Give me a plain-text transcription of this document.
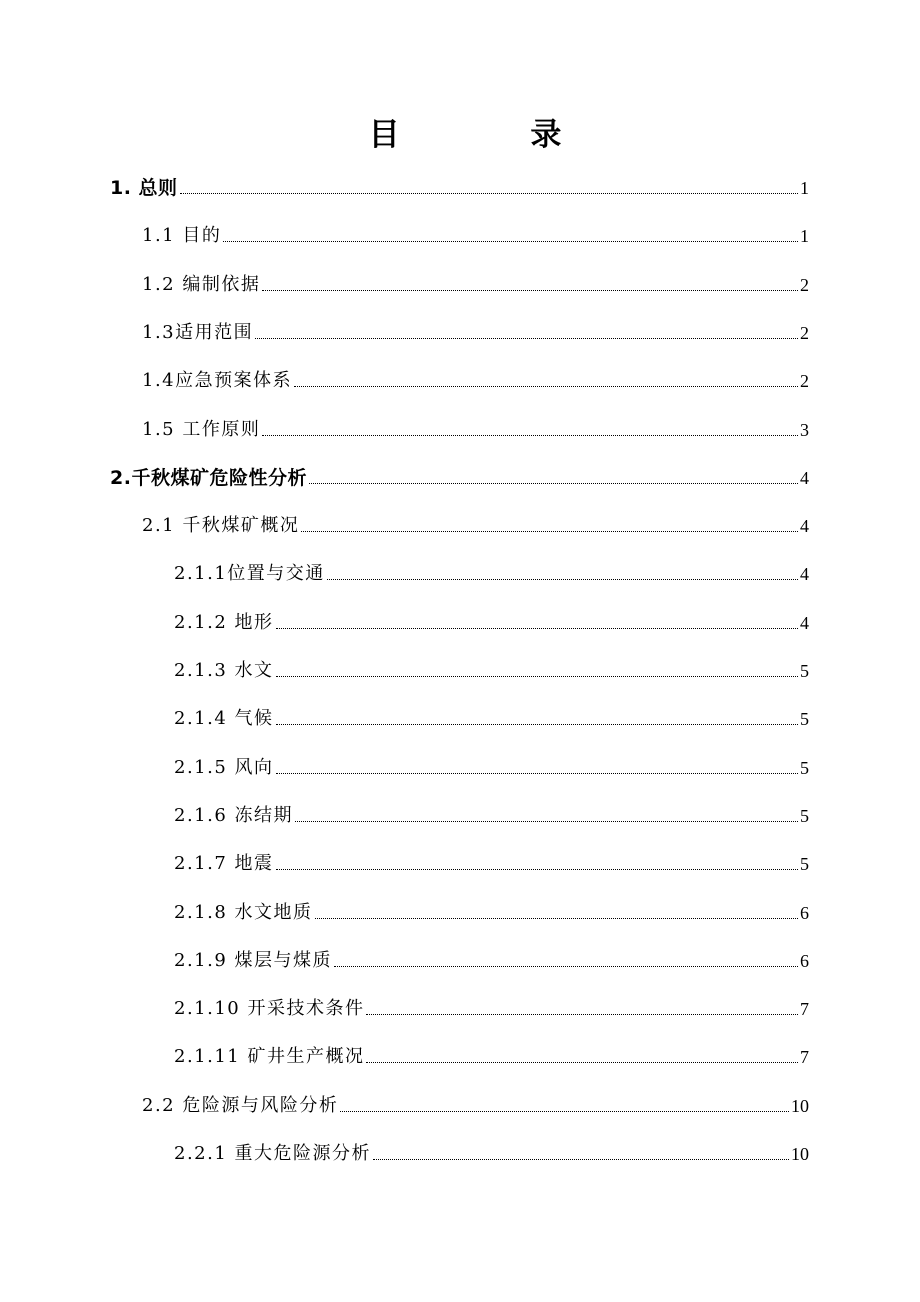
目 录
1. 总则	1
1.1 目的	1
1.2 编制依据	2
1.3适用范围	2
1.4应急预案体系	2
1.5 工作原则	3
2.千秋煤矿危险性分析	4
2.1 千秋煤矿概况	4
2.1.1位置与交通	4
2.1.2 地形	4
2.1.3 水文	5
2.1.4 气候	5
2.1.5 风向	5
2.1.6 冻结期	5
2.1.7 地震	5
2.1.8 水文地质	6
2.1.9 煤层与煤质	6
2.1.10 开采技术条件	7
2.1.11 矿井生产概况	7
2.2 危险源与风险分析	10
2.2.1 重大危险源分析	10
